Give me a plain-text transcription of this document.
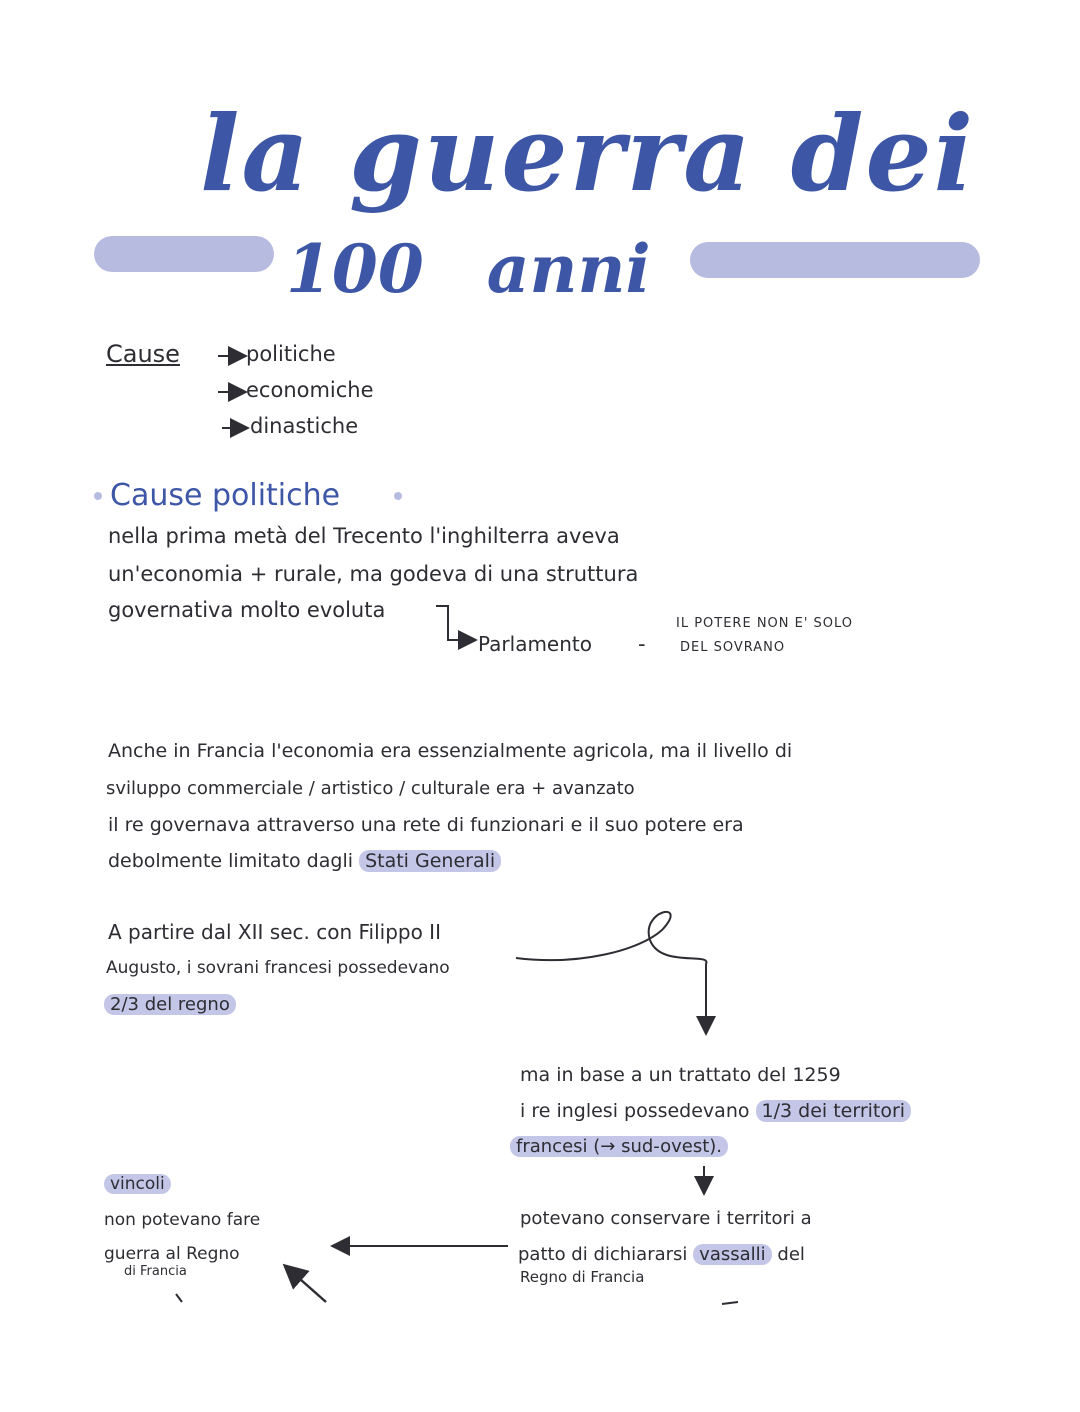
la guerra dei
100 anni
Cause	politiche
economiche
dinastiche
Cause politiche
nella prima metà del Trecento l'inghilterra aveva
un'economia + rurale, ma godeva di una struttura
governativa molto evoluta
Parlamento -
IL POTERE NON E' SOLO
DEL SOVRANO
Anche in Francia l'economia era essenzialmente agricola, ma il livello di
sviluppo commerciale / artistico / culturale era + avanzato
il re governava attraverso una rete di funzionari e il suo potere era
debolmente limitato dagli Stati Generali
A partire dal XII sec. con Filippo II
Augusto, i sovrani francesi possedevano
2/3 del regno
ma in base a un trattato del 1259
i re inglesi possedevano 1/3 dei territori
francesi (→ sud-ovest).
potevano conservare i territori a
patto di dichiararsi vassalli del
Regno di Francia
vincoli
non potevano fare
guerra al Regno
di Francia
